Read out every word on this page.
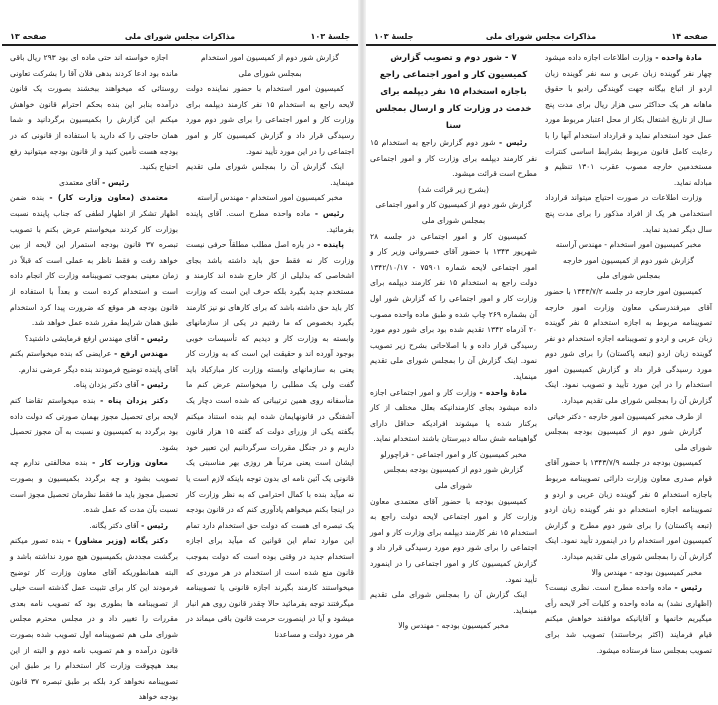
جلسهٔ ۱۰۳
مذاکرات مجلس شورای ملی
صفحه ۱۳

گزارش شور دوم از کمیسیون امور استخدام

بمجلس شورای ملی

کمیسیون امور استخدام با حضور نماینده دولت لایحه راجع به استخدام ۱۵ نفر کارمند دیپلمه برای وزارت کار و امور اجتماعی را برای شور دوم مورد رسیدگی قرار داد و گزارش کمیسیون کار و امور اجتماعی را در این مورد تأیید نمود.

اینک گزارش آن را بمجلس شورای ملی تقدیم مینماید.

مخبر کمیسیون امور استخدام - مهندس آراسته

رئیس - ماده واحده مطرح است. آقای پاینده بفرمائید.

پاینده - در باره اصل مطلب مطلقاً حرفی نیست وزارت کار نه فقط حق باید داشته باشد بجای اشخاصی که بدلیلی از کار خارج شده اند کارمند و مستخدم جدید بگیرد بلکه حرف این است که وزارت کار باید حق داشته باشد که برای کارهای نو نیز کارمند بگیرد بخصوص که ما رفتیم در یکی از سازمانهای وابسته به وزارت کار و دیدیم که تأسیسات خوبی بوجود آورده اند و حقیقت این است که به وزارت کار یعنی به سازمانهای وابسته وزارت کار مبارکباد باید گفت ولی یک مطلبی را میخواستم عرض کنم ما متأسفانه روی همین ترتیباتی که شده است دچار یک آشفتگی در قانونهایمان شده ایم بنده استناد میکنم بگفته یکی از وزرای دولت که گفته ۱۵ هزار قانون داریم و در جنگل مقررات سرگردانیم این تعبیر خود ایشان است یعنی مرتباً هر روزی بهر مناسبتی یک قانونی یک آئین نامه ای بدون توجه باینکه لازم است یا نه میآید بنده با کمال احترامی که به نظر وزارت کار در اینجا بکنم میخواهم یادآوری کنم که در قانون بودجه یک تبصره ای هست که دولت حق استخدام دارد تمام این موارد تمام این قوانین که میآید برای اجازه استخدام جدید در وقتی بوده است که دولت بموجب قانون منع شده است از استخدام در هر موردی که میخواستند کارمند بگیرند اجازه قانونی یا تصویبنامه میگرفتند توجه بفرمائید حالا چقدر قانون روی هم انبار میشود و آیا در اینصورت حرمت قانون باقی میماند در هر مورد دولت و مساعدنا

اجازه خواسته اند حتی ماده ای بود ۲۹۳ ریال باقی مانده بود ادعا کردند بدهی فلان آقا را بشرکت تعاونی روستائی که میخواهند ببخشند بصورت یک قانون درآمده بنابر این بنده بحکم احترام قانون خواهش میکنم این گزارش را بکمیسیون برگردانید و شما همان حاجتی را که دارید با استفاده از قانونی که در بودجه هست تأمین کنید و از قانون بودجه میتوانید رفع احتیاج بکنید.

رئیس - آقای معتمدی

معتمدی (معاون وزارت کار) - بنده ضمن اظهار تشکر از اظهار لطفی که جناب پاینده نسبت بوزارت کار کردند میخواستم عرض بکنم با تصویب تبصره ۳۷ قانون بودجه استمرار این لایحه از بین خواهد رفت و فقط ناظر به عملی است که قبلاً در زمان معینی بموجب تصویبنامه وزارت کار انجام داده است و استخدام کرده است و بعداً با استفاده از قانون بودجه هر موقع که ضرورت پیدا کرد استخدام طبق همان شرایط مقرر شده عمل خواهد شد.

رئیس - آقای مهندس ارفع فرمایشی داشتید؟

مهندس ارفع - عرایضی که بنده میخواستم بکنم آقای پاینده توضیح فرمودند بنده دیگر عرضی ندارم.

رئیس - آقای دکتر یزدان پناه.

دکتر یزدان پناه - بنده میخواستم تقاضا کنم لایحه برای تحصیل مجوز بهمان صورتی که دولت داده بود برگردد به کمیسیون و نسبت به آن مجوز تحصیل بشود.

معاون وزارت کار - بنده مخالفتی ندارم چه تصویب بشود و چه برگردد بکمیسیون و بصورت تحصیل مجوز باید ما فقط نظرمان تحصیل مجوز است نسبت بآن مدت که عمل شده.

رئیس - آقای دکتر یگانه.

دکتر یگانه (وزیر مشاور) - بنده تصور میکنم برگشت مجددش بکمیسیون هیچ مورد نداشته باشد و البته همانطوریکه آقای معاون وزارت کار توضیح فرمودند این کار برای تثبیت عمل گذشته است خیلی از تصویبنامه ها بطوری بود که تصویب نامه بعدی مقررات را تغییر داد و در مجلس محترم مجلس شورای ملی هم تصویبنامه اول تصویب شده بصورت قانون درآمده و هم تصویب نامه دوم و البته از این ببعد هیچوقت وزارت کار استخدام را بر طبق این تصویبنامه نخواهد کرد بلکه بر طبق تبصره ۳۷ قانون بودجه خواهد

صفحه ۱۴
مذاکرات مجلس شورای ملی
جلسهٔ ۱۰۳

مادهٔ واحده - وزارت اطلاعات اجازه داده میشود چهار نفر گوینده زبان عربی و سه نفر گوینده زبان اردو از اتباع بیگانه جهت گویندگی رادیو با حقوق ماهانه هر یک حداکثر سی هزار ریال برای مدت پنج سال از تاریخ اشتغال بکار از محل اعتبار مربوط مورد عمل خود استخدام نماید و قرارداد استخدام آنها را با رعایت کامل قانون مربوط بشرایط اساسی کنترات مستخدمین خارجه مصوب عقرب ۱۳۰۱ تنظیم و مبادله نماید.

وزارت اطلاعات در صورت احتیاج میتواند قرارداد استخدامی هر یک از افراد مذکور را برای مدت پنج سال دیگر تمدید نماید.

مخبر کمیسیون امور استخدام - مهندس آراسته

گزارش شور دوم از کمیسیون امور خارجه

بمجلس شورای ملی

کمیسیون امور خارجه در جلسه ۱۳۴۳/۷/۲ با حضور آقای میرفندرسکی معاون وزارت امور خارجه تصویبنامه مربوط به اجازه استخدام ۵ نفر گوینده زبان عربی و اردو و تصویبنامه اجازه استخدام دو نفر گوینده زبان اردو (تبعه پاکستان) را برای شور دوم مورد رسیدگی قرار داد و گزارش کمیسیون امور استخدام را در این مورد تأیید و تصویب نمود. اینک گزارش آن را بمجلس شورای ملی تقدیم میدارد.

از طرف مخبر کمیسیون امور خارجه - دکتر خیاتی

گزارش شور دوم از کمیسیون بودجه بمجلس شورای ملی

کمیسیون بودجه در جلسه ۱۳۴۳/۷/۹ با حضور آقای قوام صدری معاون وزارت دارائی تصویبنامه مربوط باجازه استخدام ۵ نفر گوینده زبان عربی و اردو و تصویبنامه اجازه استخدام دو نفر گوینده زبان اردو (تبعه پاکستان) را برای شور دوم مطرح و گزارش کمیسیون امور استخدام را در اینمورد تأیید نمود. اینک گزارش آن را بمجلس شورای ملی تقدیم میدارد.

مخبر کمیسیون بودجه - مهندس والا

رئیس - ماده واحده مطرح است. نظری نیست؟ (اظهاری نشد) به ماده واحده و کلیات آخر لایحه رأی میگیریم خانمها و آقایانیکه موافقند خواهش میکنم قیام فرمایند (اکثر برخاستند) تصویب شد برای تصویب بمجلس سنا فرستاده میشود.

۷ - شور دوم و تصویب گزارش کمیسیون کار و امور اجتماعی راجع باجازه استخدام ۱۵ نفر دیپلمه برای خدمت در وزارت کار و ارسال بمجلس سنا

رئیس - شور دوم گزارش راجع به استخدام ۱۵ نفر کارمند دیپلمه برای وزارت کار و امور اجتماعی مطرح است قرائت میشود.

(بشرح زیر قرائت شد)

گزارش شور دوم از کمیسیون کار و امور اجتماعی

بمجلس شورای ملی

کمیسیون کار و امور اجتماعی در جلسه ۲۸ شهریور ۱۳۴۳ با حضور آقای خسروانی وزیر کار و امور اجتماعی لایحه شماره ۷۵۹۰۱ - ۱۳۴۲/۱۰/۱۷ دولت راجع به استخدام ۱۵ نفر کارمند دیپلمه برای وزارت کار و امور اجتماعی را که گزارش شور اول آن بشماره ۲۶۹ چاپ شده و طبق ماده واحده مصوب ۲۰ آذرماه ۱۳۴۲ تقدیم شده بود برای شور دوم مورد رسیدگی قرار داده و با اصلاحاتی بشرح زیر تصویب نمود. اینک گزارش آن را بمجلس شورای ملی تقدیم مینماید.

مادهٔ واحده - وزارت کار و امور اجتماعی اجازه داده میشود بجای کارمندانیکه بعلل مختلف از کار برکنار شده یا میشوند افرادیکه حداقل دارای گواهینامه شش ساله دبیرستان باشند استخدام نماید.

مخبر کمیسیون کار و امور اجتماعی - قراچورلو

گزارش شور دوم از کمیسیون بودجه بمجلس

شورای ملی

کمیسیون بودجه با حضور آقای معتمدی معاون وزارت کار و امور اجتماعی لایحه دولت راجع به استخدام ۱۵ نفر کارمند دیپلمه برای وزارت کار و امور اجتماعی را برای شور دوم مورد رسیدگی قرار داد و گزارش کمیسیون کار و امور اجتماعی را در اینمورد تأیید نمود.

اینک گزارش آن را بمجلس شورای ملی تقدیم مینماید.

مخبر کمیسیون بودجه - مهندس والا
